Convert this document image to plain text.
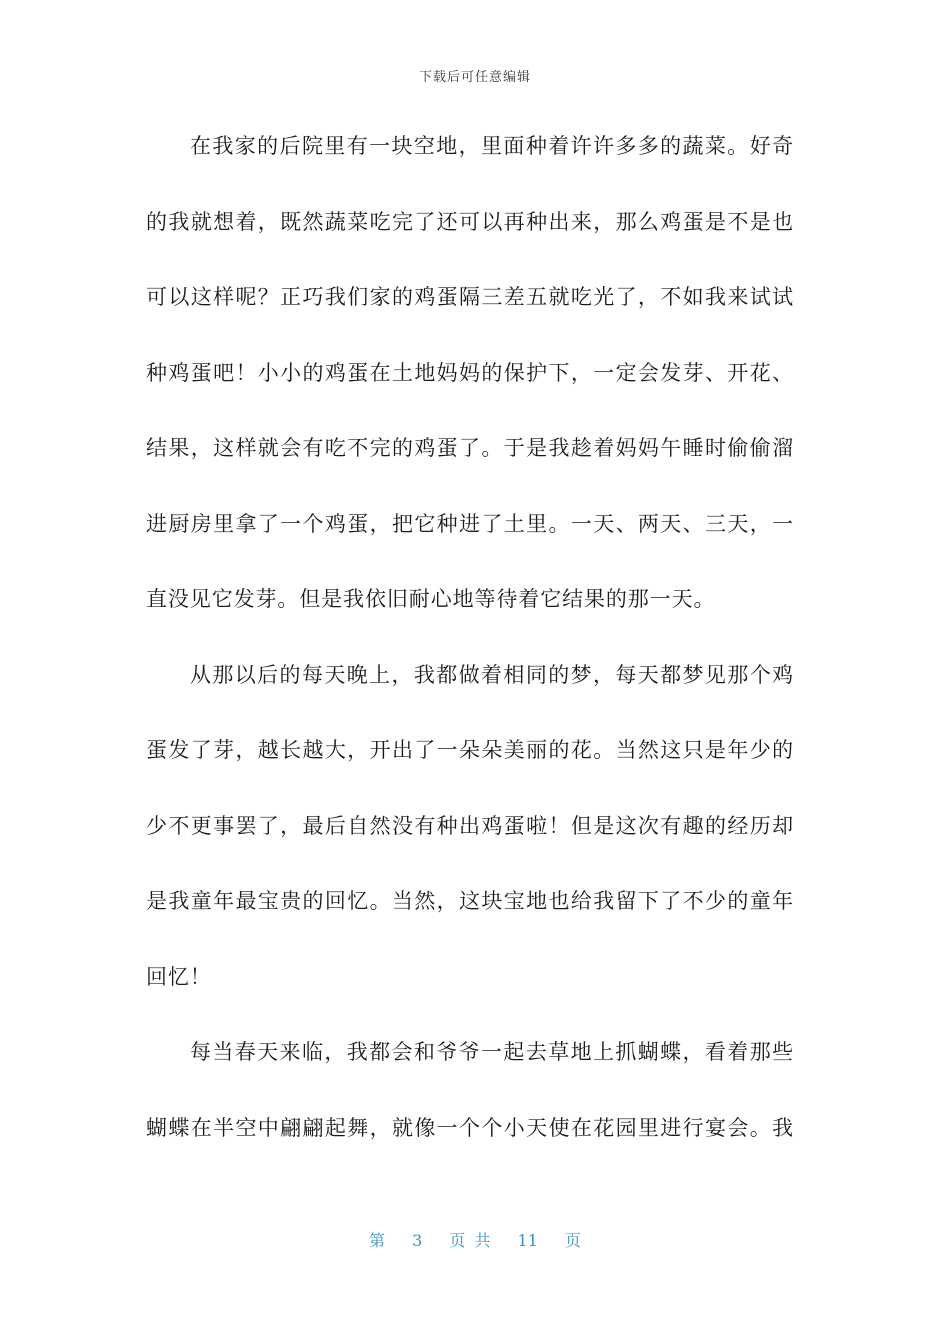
下载后可任意编辑
在我家的后院里有一块空地，里面种着许许多多的蔬菜。好奇
的我就想着，既然蔬菜吃完了还可以再种出来，那么鸡蛋是不是也
可以这样呢？正巧我们家的鸡蛋隔三差五就吃光了，不如我来试试
种鸡蛋吧！小小的鸡蛋在土地妈妈的保护下，一定会发芽、开花、
结果，这样就会有吃不完的鸡蛋了。于是我趁着妈妈午睡时偷偷溜
进厨房里拿了一个鸡蛋，把它种进了土里。一天、两天、三天，一
直没见它发芽。但是我依旧耐心地等待着它结果的那一天。
从那以后的每天晚上，我都做着相同的梦，每天都梦见那个鸡
蛋发了芽，越长越大，开出了一朵朵美丽的花。当然这只是年少的
少不更事罢了，最后自然没有种出鸡蛋啦！但是这次有趣的经历却
是我童年最宝贵的回忆。当然，这块宝地也给我留下了不少的童年
回忆！
每当春天来临，我都会和爷爷一起去草地上抓蝴蝶，看着那些
蝴蝶在半空中翩翩起舞，就像一个个小天使在花园里进行宴会。我
第 3 页 共 11 页
